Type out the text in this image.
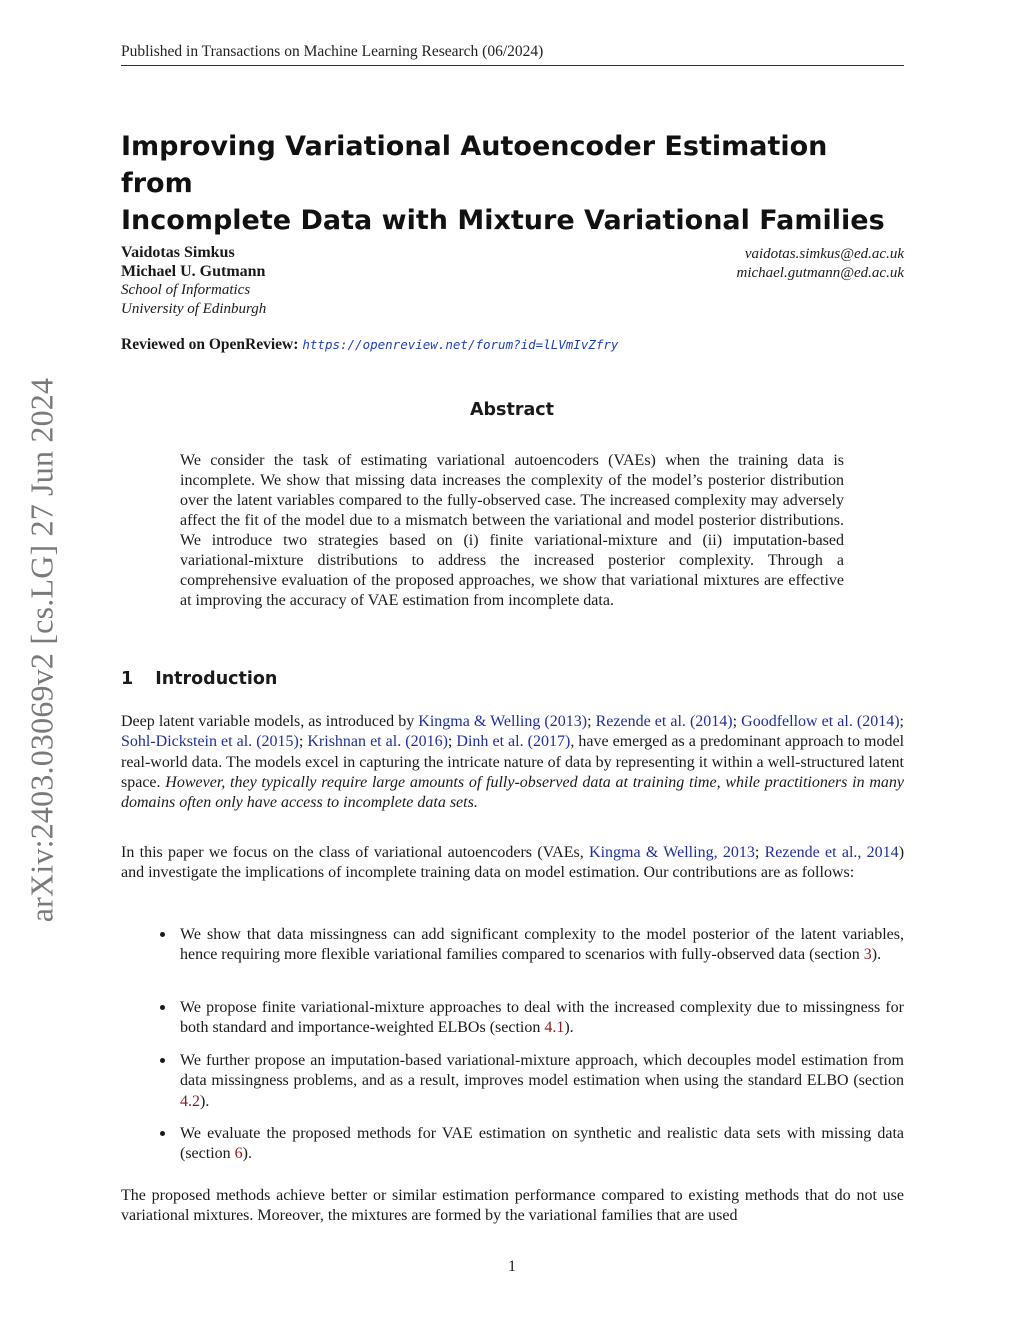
Published in Transactions on Machine Learning Research (06/2024)
arXiv:2403.03069v2 [cs.LG] 27 Jun 2024
Improving Variational Autoencoder Estimation from
Incomplete Data with Mixture Variational Families
Vaidotas Simkus
Michael U. Gutmann
vaidotas.simkus@ed.ac.uk
michael.gutmann@ed.ac.uk
School of Informatics
University of Edinburgh
Reviewed on OpenReview: https://openreview.net/forum?id=lLVmIvZfry
Abstract
We consider the task of estimating variational autoencoders (VAEs) when the training data is incomplete. We show that missing data increases the complexity of the model’s posterior distribution over the latent variables compared to the fully-observed case. The increased complexity may adversely affect the fit of the model due to a mismatch between the variational and model posterior distributions. We introduce two strategies based on (i) finite variational-mixture and (ii) imputation-based variational-mixture distributions to address the increased posterior complexity. Through a comprehensive evaluation of the proposed approaches, we show that variational mixtures are effective at improving the accuracy of VAE estimation from incomplete data.
1 Introduction
Deep latent variable models, as introduced by Kingma & Welling (2013); Rezende et al. (2014); Goodfellow et al. (2014); Sohl-Dickstein et al. (2015); Krishnan et al. (2016); Dinh et al. (2017), have emerged as a predominant approach to model real-world data. The models excel in capturing the intricate nature of data by representing it within a well-structured latent space. However, they typically require large amounts of fully-observed data at training time, while practitioners in many domains often only have access to incomplete data sets.
In this paper we focus on the class of variational autoencoders (VAEs, Kingma & Welling, 2013; Rezende et al., 2014) and investigate the implications of incomplete training data on model estimation. Our contributions are as follows:
We show that data missingness can add significant complexity to the model posterior of the latent variables, hence requiring more flexible variational families compared to scenarios with fully-observed data (section 3).
We propose finite variational-mixture approaches to deal with the increased complexity due to missingness for both standard and importance-weighted ELBOs (section 4.1).
We further propose an imputation-based variational-mixture approach, which decouples model estimation from data missingness problems, and as a result, improves model estimation when using the standard ELBO (section 4.2).
We evaluate the proposed methods for VAE estimation on synthetic and realistic data sets with missing data (section 6).
The proposed methods achieve better or similar estimation performance compared to existing methods that do not use variational mixtures. Moreover, the mixtures are formed by the variational families that are used
1
